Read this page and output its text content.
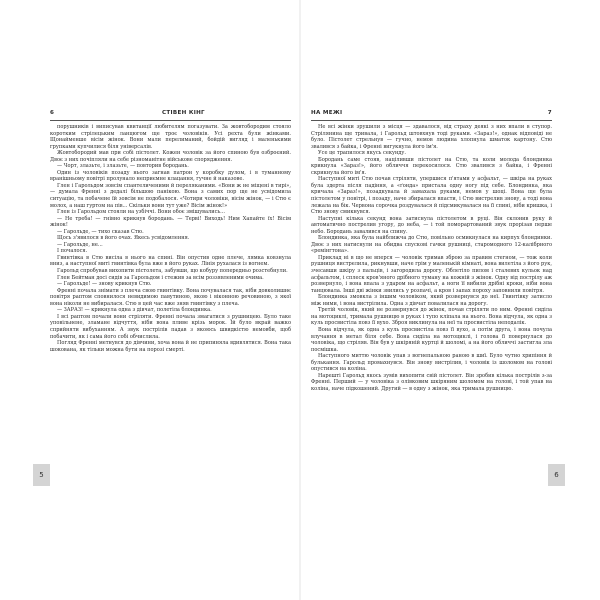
6	СТІВЕН КІНГ

порушників і виписував квитанції любителям погазувати. За жовтобородим стояло коротким стрілецьким ланцюгом ще троє чоловіків. Усі рехта були жінками. Щонайменше вісім жінок. Вони мали перелиманий, бойдій вигляд і маленькими групками купчилися біля універсалів.

Жовтобородий мав при собі пістолет. Кожен чоловік за його спиною був озброєний. Двоє з них почіпляли на себе різноманітне військове спорядження.

— Чорт, злазьте, і злазьте, — повторив бородань.

Один із чоловіків позаду нього загнав патрон у коробку дулом, і в туманному вранішньому повітрі пролунало неприємне клацання, гучне й наказове.

Глен і Гарольдом зовсім спантеличеними й переляканими. «Вони ж не міщені в тирі», — думала Френні з дедалі більшою панікою. Вона з самих пор ще не усвідомила ситуацію, та побачене їй зовсім не подобалося. «Чотири чоловіки, вісім жінок, — і Стю є молох, а наш гуртом на пів... Скільки вони тут уже? Вісім жінок!»

Глен із Гарольдом стояли на узбіччі. Вони обоє змішувались...

— Не треба! — гнівно крикнув бородань. — Терві! Виходь! Ним Хапайте їх! Вісім жінок!

— Гарольде, — тихо сказав Стю.

Щось з'явилося в його очах. Якесь усвідомлення.

— Гарольде, не...

І почалося.

Гвинтівка в Стю висіла в нього на спині. Він опустив одне плече, лямка ковзнула вниз, а наступної миті гвинтівка була вже в його руках. Лінія рухалася із вогнем.

Гарольд спробував вихопити пістолета, забувши, що кобуру попередньо розстебнули.

Глен Бейтман досі сидів за Гарольдом і стежив за всім роззявленими очима.

— Гарольде! — знову крикнув Стю.

Френні почала знімати з плеча свою гвинтівку. Вона почувалася так, ніби довколишнє повітря раптом сповнилося невидимою павутиною, якою і віконною речовиною, з якої вона ніколи не вибиралася. Стю в цей час вже зняв гвинтівку з плеча.

— ЗАРАЗ! — крикнула одна з дівчат, полетіла блондинка.

І всі раптом почали вони стріляти. Френні почала змагатися з рушницею. Було таке уповільнене, зламане відчуття, ніби вона пливе крізь морок. Їй було вкрай важко сприйняти вибуханням. А звук пострілів падав з якоюсь швидкістю немовби, щоб побачити, як і сама його собі обчислила.

Погляд Френні метнувся до дівчини, хоча вона й не припиняла вдивлятися. Вона така шокована, як тільки можна бути на порозі смерті.

НА МЕЖІ	7

Не всі жінки зрушили з місця — здавалося, від страху деякі з них впали в ступор. Стрілянина ще тривала, і Гарольд штовхнув тоді руками. «Зараз!», однак відповіді не було. Пістолет стрельнув — гучно, немов людина хлопнула шматок картону. Стю звалився з байка, і Френні вигукнула його ім'я.

Усе це трапилося якусь секунду.

Бородань саме стояв, націливши пістолет на Стю, та коли молода блондинка крикнула «Зараз!», його обличчя перекосилося. Стю звалився з байка, і Френні скрикнула його ім'я.

Наступної миті Стю почав стріляти, упершися п'ятами у асфальт, — шкіра на руках була здерта після падіння, а «ґонда» пристала одну ногу під себе. Блондинка, яка кричала «Зараз!», позадкувала й замахала руками, немов у шоці. Вона ще була пістолетом у повітрі, і позаду, наче збиралася впасти, і Стю вистрелив знову, а тоді вона лежала на бік. Червона сорочка роздувалася й підсмикувалася на її спині, ніби кришка, і Стю знову смикнувся.

Наступні кілька секунд вона затиснула пістолетом в руці. Він склонив руку й автоматично пострелив угору, до неба, — і той поморартований звук прорізав перше небо. Бородань завалився на спину.

Блондинка, яка була найближча до Стю, повільно осмикнулася на кирпух блондинки. Двоє з них натиснули на обидва спускові гачки рушниці, старомодного 12-калібрного «ремінгтона».

Приклад ні в що не вперся — чоловік тримав зброю за правим стегном, — тож коли рушниця вистрелила, рикнувши, наче грім у маленькій кімнаті, вона вилетіла з його рук, зчесавши шкіру з пальців, і загородила дорогу. Облетіло пилом і сталевих кульок над асфальтом, і сплеск кров'яного дрібного туману на кожній з жінок. Одну від пострілу аж розвернуло, і вона впала з ударом на асфальт, а ноги її вибили дрібні кроки, ніби вона танцювала. Інші дві жінки звились у розпачі, а кров і запах пороху заповнили повітря.

Блондинка змовкла з іншим чоловіком, який розвернувся до неї. Гвинтівку затисло між ними, і вона вистрілила. Одна з дівчат повалилася на дорогу.

Третій чоловік, який не розвернувся до жінок, почав стріляти по ним. Френні сиділа на мотоциклі, тримала рушницю в руках і тупо кліпала на нього. Вона відчула, як одна з куль просвистіла повз її вухо. Зброя виклинула на неї та просвистіла неподалік.

Вона відчула, як одна з куль просвистіла повз її вухо, а потім друга, і вона почула влучання в метал біля себе. Вона сиділа на мотоциклі, і голова її повернулася до чоловіка, що стріляв. Він був у шкіряній куртці й шоломі, а на його обличчі застигла зла посмішка.

Наступного миттю чоловік упав з вогнепальною раною в шиї. Було чутно хрипіння й булькання. Гарольд промахнувся. Він знову вистрілив, і чоловік із шоломом на голові опустився на коліна.

Нарешті Гарольд якось зумів вихопити свій пістолет. Він зробив кілька пострілів з-за Френні. Перший — у чоловіка з олівковим шкіряним шоломом на голові, і той упав на коліна, наче підкошений. Другий — в одну з жінок, яка тримала рушницю.

5	6
